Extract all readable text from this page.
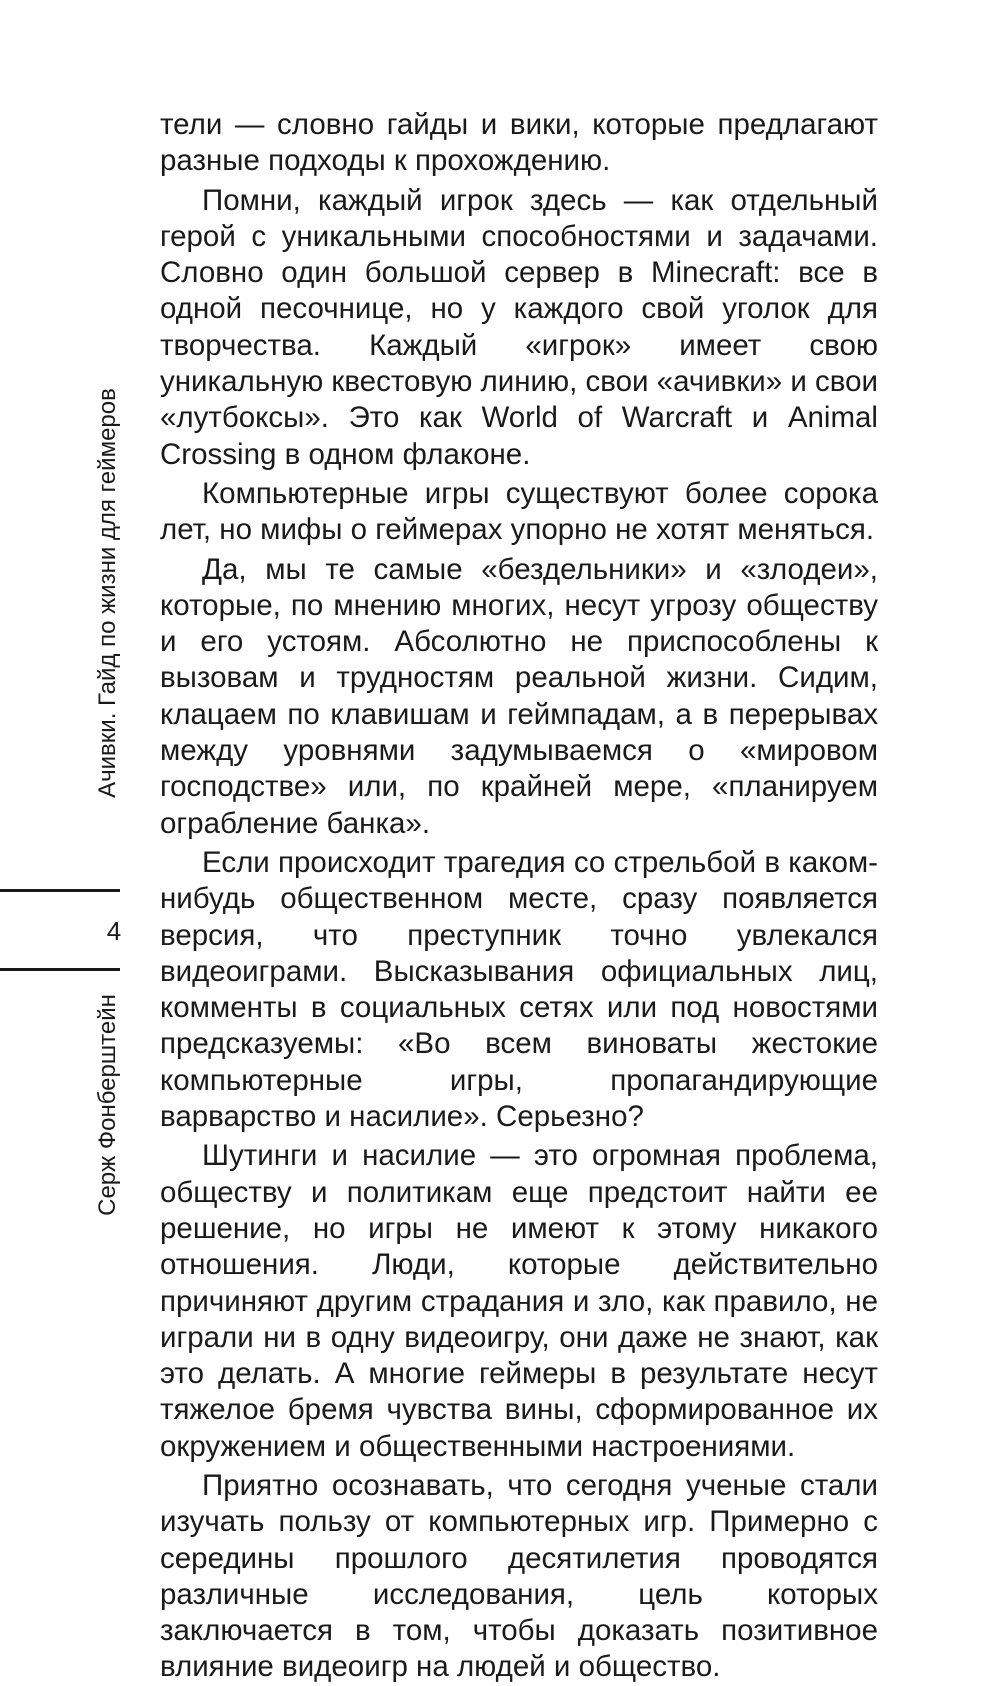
Ачивки. Гайд по жизни для геймеров
4
Серж Фонберштейн

тели — словно гайды и вики, которые предлагают разные подходы к прохождению.

Помни, каждый игрок здесь — как отдельный герой с уникальными способностями и задачами. Словно один большой сервер в Minecraft: все в одной песочнице, но у каждого свой уголок для творчества. Каждый «игрок» имеет свою уникальную квестовую линию, свои «ачивки» и свои «лутбоксы». Это как World of Warcraft и Animal Crossing в одном флаконе.

Компьютерные игры существуют более сорока лет, но мифы о геймерах упорно не хотят меняться.

Да, мы те самые «бездельники» и «злодеи», которые, по мнению многих, несут угрозу обществу и его устоям. Абсолютно не приспособлены к вызовам и трудностям реальной жизни. Сидим, клацаем по клавишам и геймпадам, а в перерывах между уровнями задумываемся о «мировом господстве» или, по крайней мере, «планируем ограбление банка».

Если происходит трагедия со стрельбой в каком-нибудь общественном месте, сразу появляется версия, что преступник точно увлекался видеоиграми. Высказывания официальных лиц, комменты в социальных сетях или под новостями предсказуемы: «Во всем виноваты жестокие компьютерные игры, пропагандирующие варварство и насилие». Серьезно?

Шутинги и насилие — это огромная проблема, обществу и политикам еще предстоит найти ее решение, но игры не имеют к этому никакого отношения. Люди, которые действительно причиняют другим страдания и зло, как правило, не играли ни в одну видеоигру, они даже не знают, как это делать. А многие геймеры в результате несут тяжелое бремя чувства вины, сформированное их окружением и общественными настроениями.

Приятно осознавать, что сегодня ученые стали изучать пользу от компьютерных игр. Примерно с середины прошлого десятилетия проводятся различные исследования, цель которых заключается в том, чтобы доказать позитивное влияние видеоигр на людей и общество.
